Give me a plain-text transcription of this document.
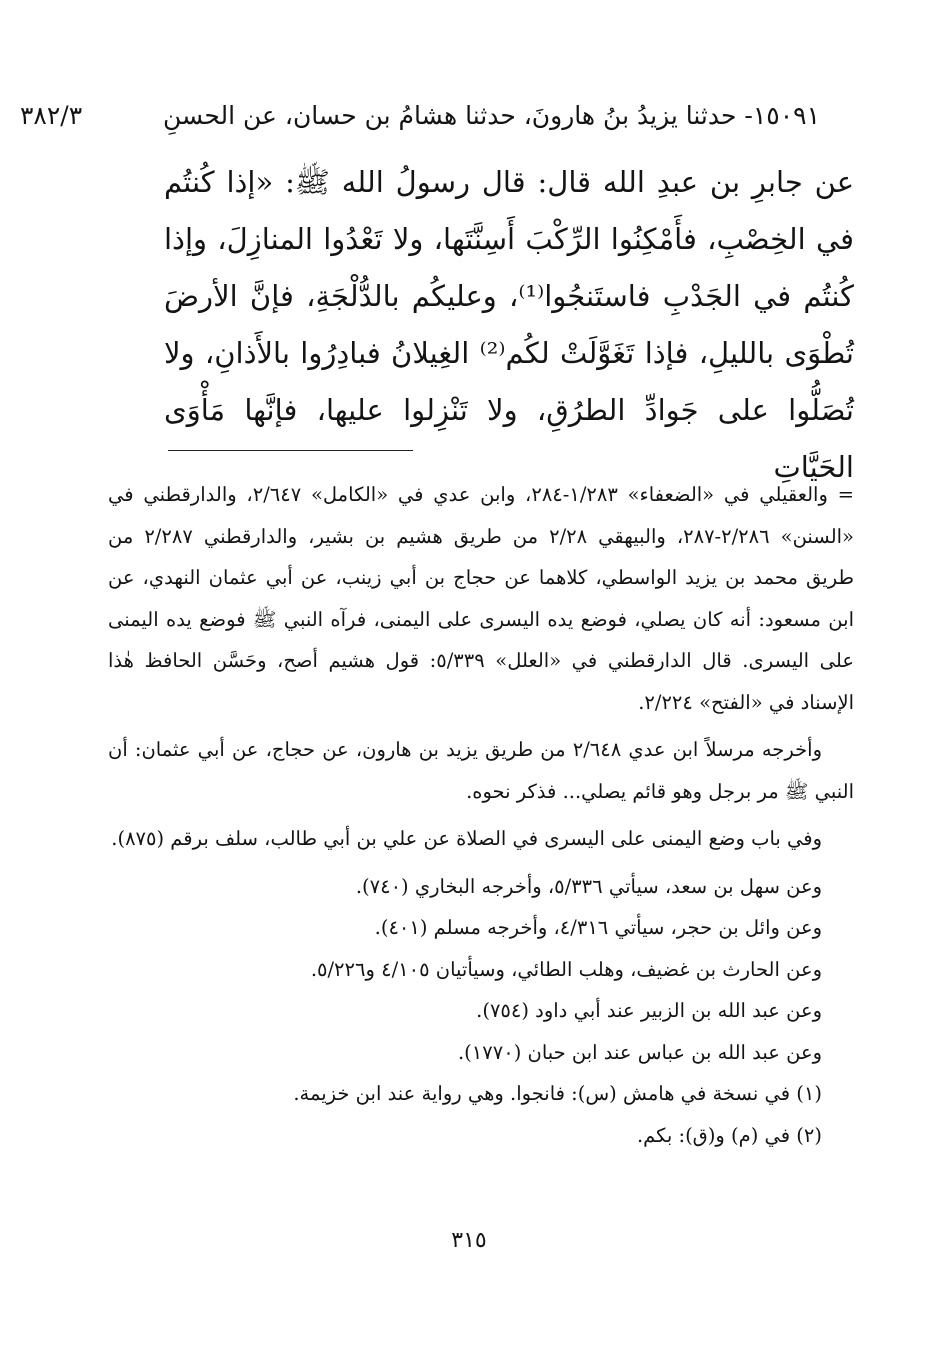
٣٨٢/٣	١٥٠٩١- حدثنا يزيدُ بنُ هارونَ، حدثنا هشامُ بن حسان، عن الحسنِ

عن جابرِ بن عبدِ الله قال: قال رسولُ الله ﷺ: «إذا كُنتُم في الخِصْبِ، فأَمْكِنُوا الرِّكْبَ أَسِنَّتَها، ولا تَعْدُوا المنازِلَ، وإذا كُنتُم في الجَدْبِ فاستَنجُوا⁽¹⁾، وعليكُم بالدُّلْجَةِ، فإنَّ الأرضَ تُطْوَى بالليلِ، فإذا تَغَوَّلَتْ لكُم⁽²⁾ الغِيلانُ فبادِرُوا بالأَذانِ، ولا تُصَلُّوا على جَوادِّ الطرُقِ، ولا تَنْزِلوا عليها، فإنَّها مَأْوَى الحَيَّاتِ

= والعقيلي في «الضعفاء» ١/٢٨٣-٢٨٤، وابن عدي في «الكامل» ٢/٦٤٧، والدارقطني في «السنن» ٢/٢٨٦-٢٨٧، والبيهقي ٢/٢٨ من طريق هشيم بن بشير، والدارقطني ٢/٢٨٧ من طريق محمد بن يزيد الواسطي، كلاهما عن حجاج بن أبي زينب، عن أبي عثمان النهدي، عن ابن مسعود: أنه كان يصلي، فوضع يده اليسرى على اليمنى، فرآه النبي ﷺ فوضع يده اليمنى على اليسرى. قال الدارقطني في «العلل» ٥/٣٣٩: قول هشيم أصح، وحَسَّن الحافظ هٰذا الإسناد في «الفتح» ٢/٢٢٤.

وأخرجه مرسلاً ابن عدي ٢/٦٤٨ من طريق يزيد بن هارون، عن حجاج، عن أبي عثمان: أن النبي ﷺ مر برجل وهو قائم يصلي... فذكر نحوه.

وفي باب وضع اليمنى على اليسرى في الصلاة عن علي بن أبي طالب، سلف برقم (٨٧٥).

وعن سهل بن سعد، سيأتي ٥/٣٣٦، وأخرجه البخاري (٧٤٠).

وعن وائل بن حجر، سيأتي ٤/٣١٦، وأخرجه مسلم (٤٠١).

وعن الحارث بن غضيف، وهلب الطائي، وسيأتيان ٤/١٠٥ و٥/٢٢٦.

وعن عبد الله بن الزبير عند أبي داود (٧٥٤).

وعن عبد الله بن عباس عند ابن حبان (١٧٧٠).

(١) في نسخة في هامش (س): فانجوا. وهي رواية عند ابن خزيمة.

(٢) في (م) و(ق): بكم.

٣١٥
